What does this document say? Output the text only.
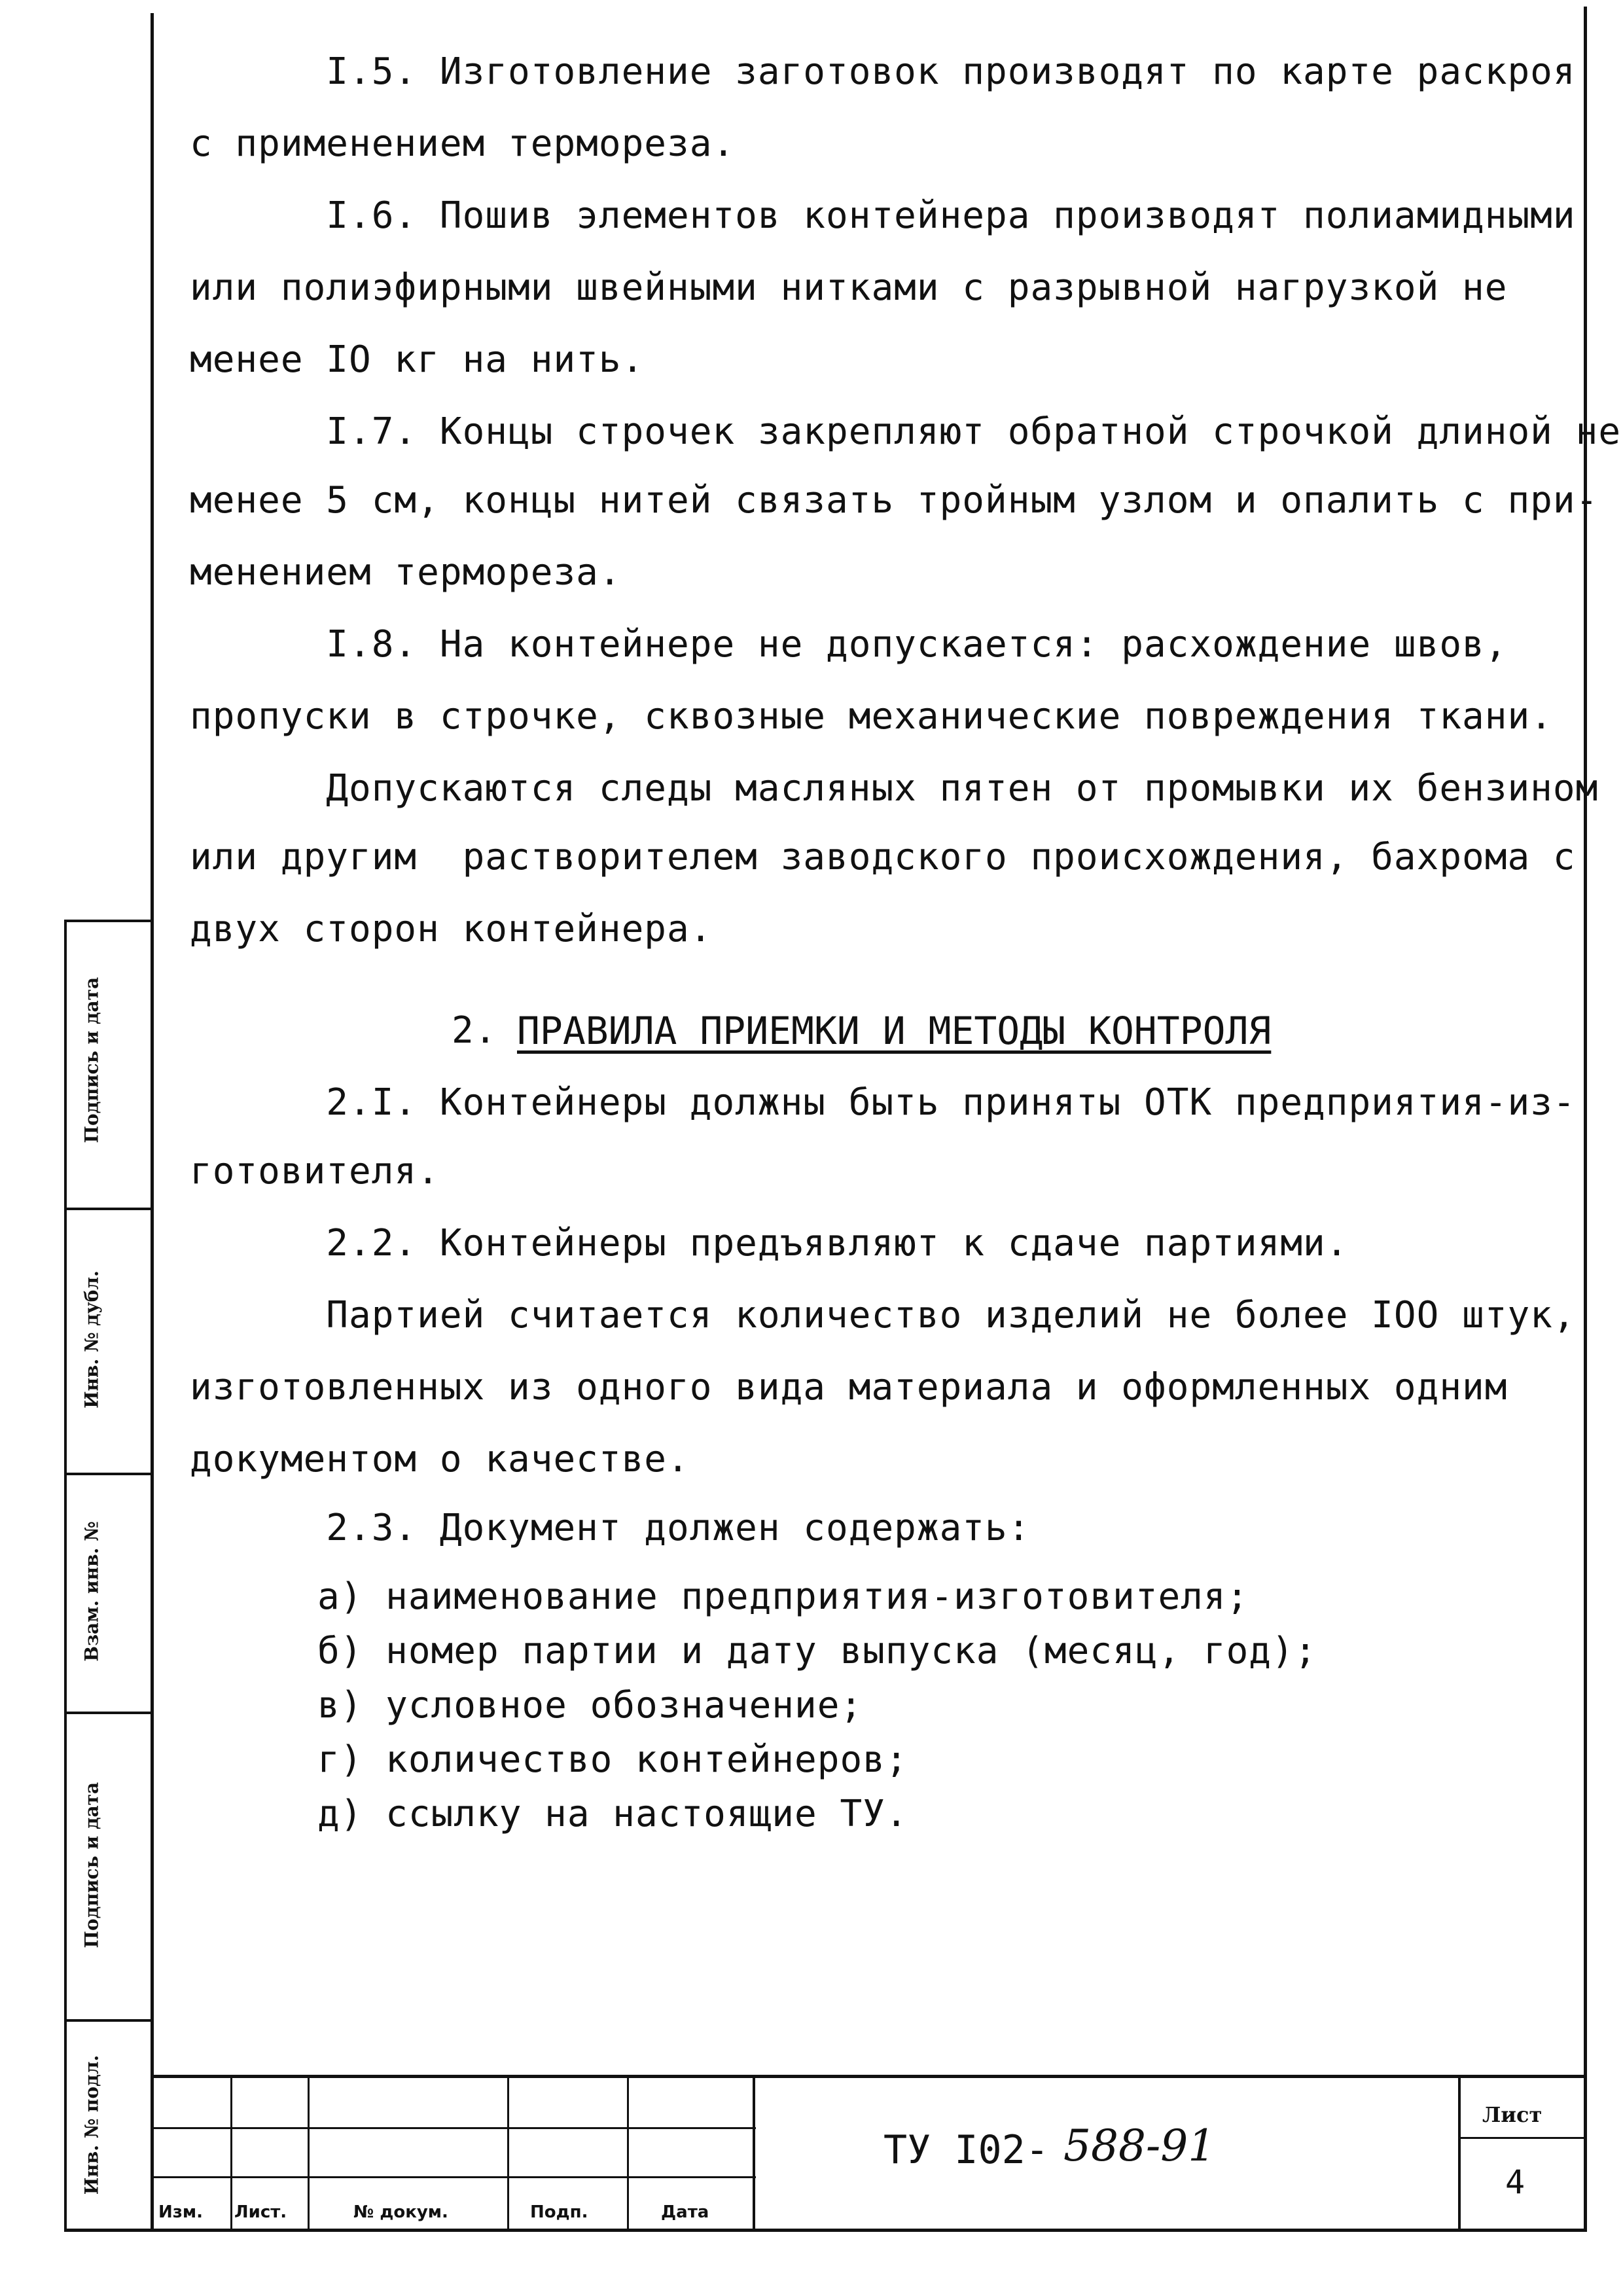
Подпись и дата
Инв. № дубл.
Взам. инв. №
Подпись и дата
Инв. № подл.
I.5. Изготовление заготовок производят по карте раскроя
с применением термореза.
I.6. Пошив элементов контейнера производят полиамидными
или полиэфирными швейными нитками с разрывной нагрузкой не
менее IO кг на нить.
I.7. Концы строчек закрепляют обратной строчкой длиной не
менее 5 см, концы нитей связать тройным узлом и опалить с при-
менением термореза.
I.8. На контейнере не допускается: расхождение швов,
пропуски в строчке, сквозные механические повреждения ткани.
Допускаются следы масляных пятен от промывки их бензином
или другим  растворителем заводского происхождения, бахрома с
двух сторон контейнера.
2. ПРАВИЛА ПРИЕМКИ И МЕТОДЫ КОНТРОЛЯ
2.I. Контейнеры должны быть приняты ОТК предприятия-из-
готовителя.
2.2. Контейнеры предъявляют к сдаче партиями.
Партией считается количество изделий не более IOO штук,
изготовленных из одного вида материала и оформленных одним
документом о качестве.
2.3. Документ должен содержать:
а) наименование предприятия-изготовителя;
б) номер партии и дату выпуска (месяц, год);
в) условное обозначение;
г) количество контейнеров;
д) ссылку на настоящие ТУ.
Изм. Лист.	№ докум.	Подп.	Дата
ТУ I02- 588-91
Лист
4
